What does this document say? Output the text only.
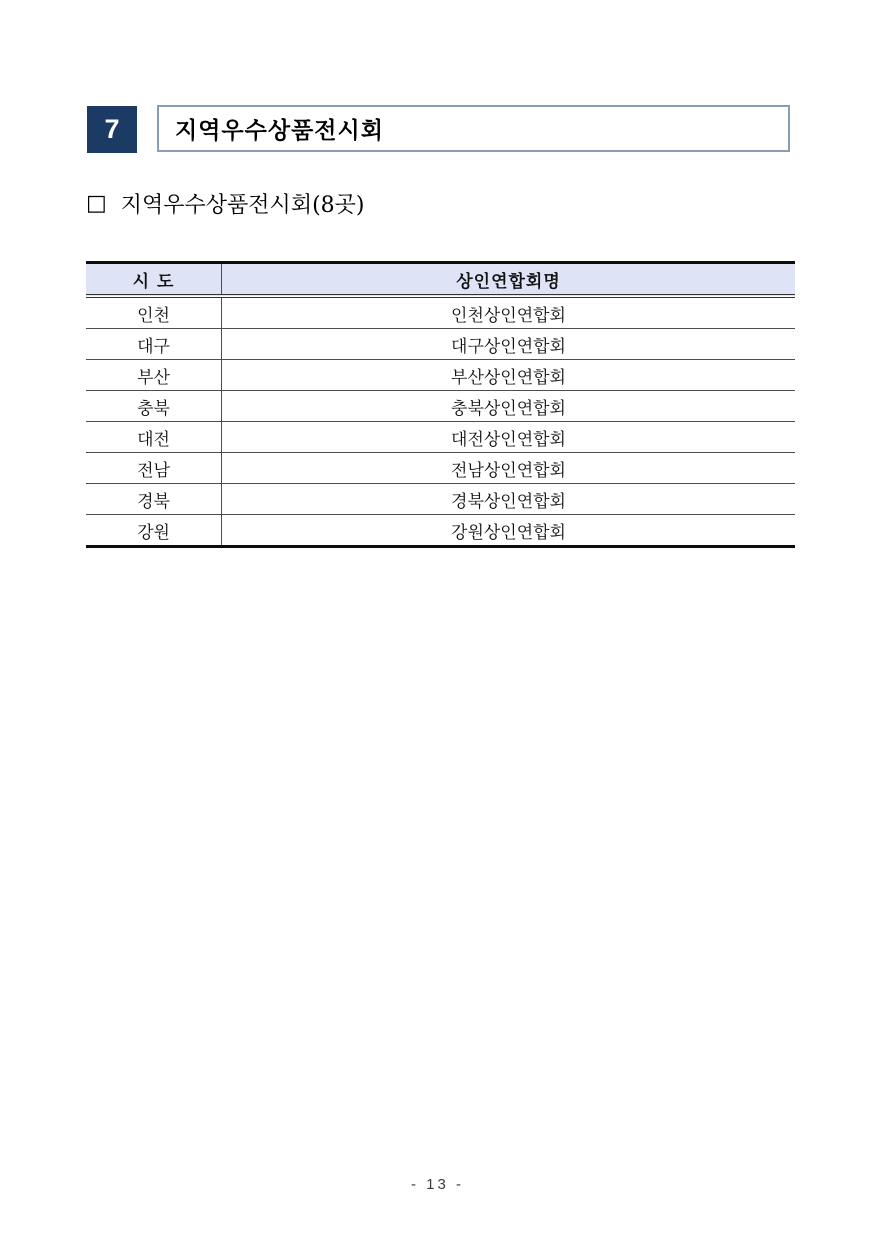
7	지역우수상품전시회
□ 지역우수상품전시회(8곳)
시 도	상인연합회명
인천	인천상인연합회
대구	대구상인연합회
부산	부산상인연합회
충북	충북상인연합회
대전	대전상인연합회
전남	전남상인연합회
경북	경북상인연합회
강원	강원상인연합회
- 13 -
